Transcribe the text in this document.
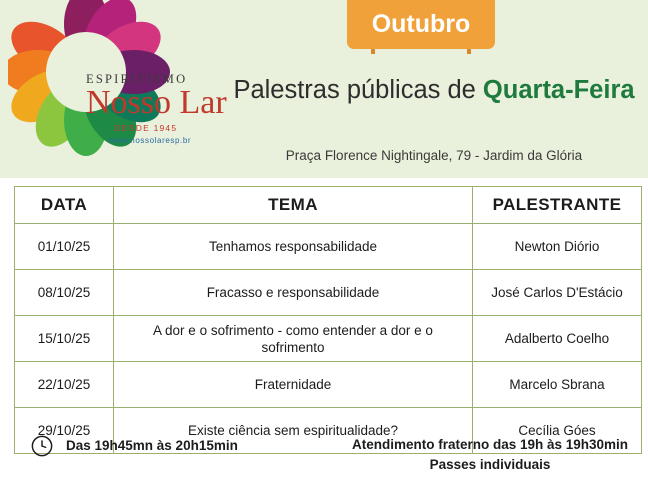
ESPIRITISMO
Nosso Lar
DESDE 1945
www.nossolaresp.br
Outubro
Palestras públicas de Quarta-Feira
Praça Florence Nightingale, 79 - Jardim da Glória
DATA	TEMA	PALESTRANTE
01/10/25	Tenhamos responsabilidade	Newton Diório
08/10/25	Fracasso e responsabilidade	José Carlos D'Estácio
15/10/25	A dor e o sofrimento - como entender a dor e o sofrimento	Adalberto Coelho
22/10/25	Fraternidade	Marcelo Sbrana
29/10/25	Existe ciência sem espiritualidade?	Cecília Góes
Das 19h45mn às 20h15min	Atendimento fraterno das 19h às 19h30min
Passes individuais
